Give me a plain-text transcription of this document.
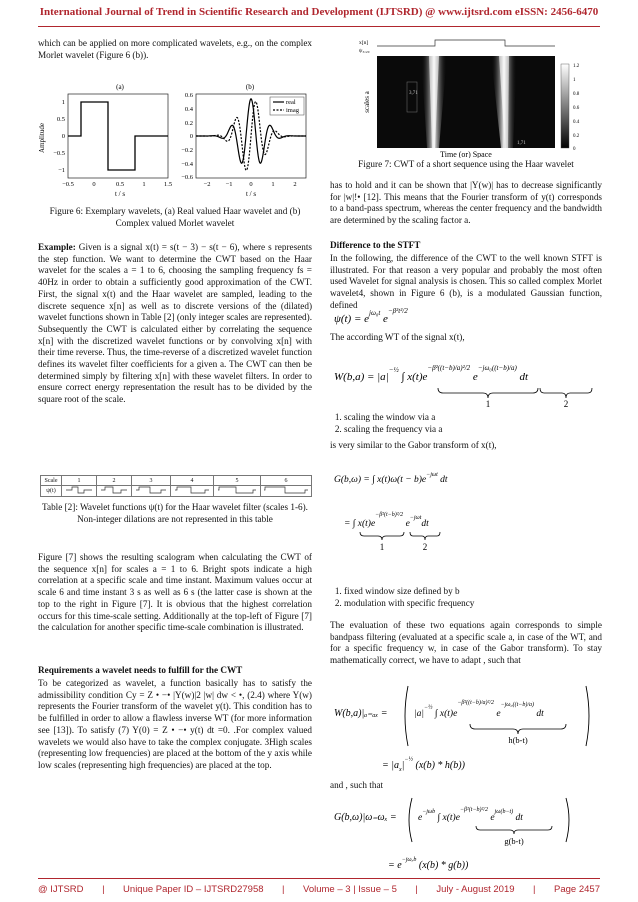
International Journal of Trend in Scientific Research and Development (IJTSRD) @ www.ijtsrd.com eISSN: 2456-6470
which can be applied on more complicated wavelets, e.g., on the complex Morlet wavelet (Figure 6 (b)).
(a)
1
0.5
0
−0.5
−1
−0.5	0	0.5	1	1.5
t / s
Amplitude
(b)
real
imag
0.6
0.4
0.2
0
−0.2
−0.4
−0.6
−2 −1	0	1	2
t / s
Figure 6: Exemplary wavelets, (a) Real valued Haar wavelet and (b) Complex valued Morlet wavelet
Example: Given is a signal x(t) = s(t − 3) − s(t − 6), where s represents the step function. We want to determine the CWT based on the Haar wavelet for the scales a = 1 to 6, choosing the sampling frequency fs = 40Hz in order to obtain a sufficiently good approximation of the CWT. First, the signal x(t) and the Haar wavelet are sampled, leading to the discrete sequence x[n] as well as to discrete versions of the (dilated) wavelet functions shown in Table [2] (only integer scales are represented). Subsequently the CWT is calculated either by correlating the sequence x[n] with the discretized wavelet functions or by convolving x[n] with their time reverse. Thus, the time-reverse of a discretized wavelet function defines its wavelet filter coefficients for a given a. The CWT can then be determined simply by filtering x[n] with these wavelet filters. In order to ensure correct energy representation the result has to be divided by the square root of the scale.
Scale	1	2	3	4	5	6
ψ(t)						
Table [2]: Wavelet functions ψ(t) for the Haar wavelet filter (scales 1-6). Non-integer dilations are not represented in this table
Figure [7] shows the resulting scalogram when calculating the CWT of the sequence x[n] for scales a = 1 to 6. Bright spots indicate a high correlation at a specific scale and time instant. Maximum values occur at scale 6 and time instant 3 s as well as 6 s (the latter case is shown at the top to the right in Figure [7]. It is obvious that the highest correlation occurs for this time-scale setting. Additionally at the top-left of Figure [7] the calculation for another specific time-scale combination is illustrated.
Requirements a wavelet needs to fulfill for the CWT
To be categorized as wavelet, a function basically has to satisfy the admissibility condition Cy = Z • −• |Y(w)|2 |w| dw < •, (2.4) where Y(w) represents the Fourier transform of the wavelet y(t). This condition has to be fulfilled in order to allow a flawless inverse WT (for more information see [13]). To satisfy (7) Y(0) = Z • −• y(t) dt =0. .For complex valued wavelets we would also have to take the complex conjugate. 3High scales (representing low frequencies) are placed at the bottom of the y axis while low scales (representing high frequencies) are placed at the top.
x[n]
ψ₃,₂₀
3,71
1,71
scales a
1.2
1
0.8
0.6
0.4
0.2
0
Time (or) Space
Figure 7: CWT of a short sequence using the Haar wavelet
has to hold and it can be shown that |Y(w)| has to decrease significantly for |w|!• [12]. This means that the Fourier transform of y(t) corresponds to a band-pass spectrum, whereas the center frequency and the bandwidth are determined by the scaling factor a.
Difference to the STFT
In the following, the difference of the CWT to the well known STFT is illustrated. For that reason a very popular and probably the most often used Wavelet for signal analysis is chosen. This so called complex Morlet wavelet4, shown in Figure 6 (b), is a modulated Gaussian function, defined
$\psi(t) = e^{j\omega_0t}$ $e^{-\beta^2t^2/2}$
The according WT of the signal x(t),
$W(b,a) = |a|^{-\frac{1}{2}}$ ∫ $x(t)e^{-\beta^2((t-b)/a)^2/2}$ $e^{-j\omega_0((t-b)/a)}$ dt
1	2
1. scaling the window via a
2. scaling the frequency via a
is very similar to the Gabor transform of x(t),
G(b,ω) = ∫ $x(t)\omega(t - b)e^{-j\omega t}$ dt
= ∫ $x(t)e^{-\beta^2(t-b)^2/2}$ $e^{-j\omega t}dt$
1	2
1. fixed window size defined by b
2. modulation with specific frequency
The evaluation of these two equations again corresponds to simple bandpass filtering (evaluated at a specific scale a, in case of the WT, and for a specific frequency w, in case of the Gabor transform). To stay mathematically correct, we have to adapt , such that
W(b,a)|ₐ₌ₐₓ =	$|a|^{-\frac{1}{2}}$ ∫ $x(t)e^{-\beta^2((t-b)/a)^2/2}$ $e^{-j\omega_0((t-b)/a)}$ dt
h(b-t)
= $|a_x|^{-\frac{1}{2}}$ (x(b) * h(b))
and , such that
$G(b,\omega)|\omega_=\omega_x = e^{-j\omega b}$ ∫ $x(t)e^{-\beta^2(t-b)^2/2}$ $e^{j\omega(b-t)}$ dt
g(b-t)
= $e^{-j\omega_xb}$ (x(b) * g(b))
@ IJTSRD | Unique Paper ID – IJTSRD27958 | Volume – 3 | Issue – 5 | July - August 2019 | Page 2457
